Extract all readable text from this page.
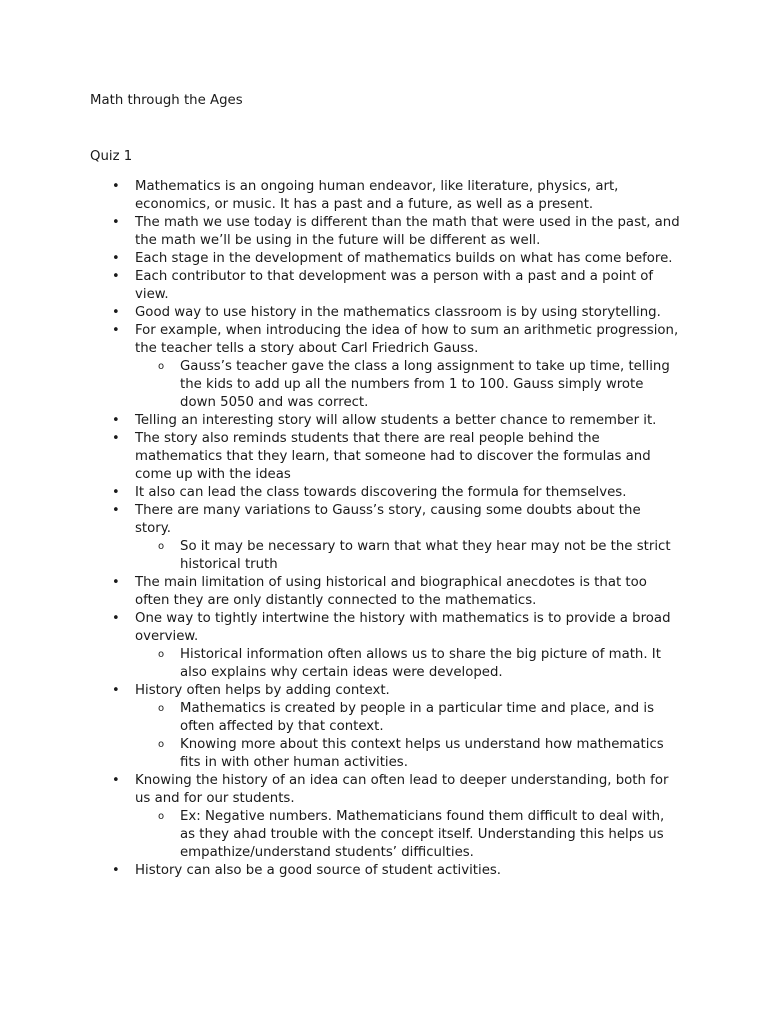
Math through the Ages

Quiz 1

• Mathematics is an ongoing human endeavor, like literature, physics, art, economics, or music. It has a past and a future, as well as a present.
• The math we use today is different than the math that were used in the past, and the math we’ll be using in the future will be different as well.
• Each stage in the development of mathematics builds on what has come before.
• Each contributor to that development was a person with a past and a point of view.
• Good way to use history in the mathematics classroom is by using storytelling.
• For example, when introducing the idea of how to sum an arithmetic progression, the teacher tells a story about Carl Friedrich Gauss.
o Gauss’s teacher gave the class a long assignment to take up time, telling the kids to add up all the numbers from 1 to 100. Gauss simply wrote down 5050 and was correct.
• Telling an interesting story will allow students a better chance to remember it.
• The story also reminds students that there are real people behind the mathematics that they learn, that someone had to discover the formulas and come up with the ideas
• It also can lead the class towards discovering the formula for themselves.
• There are many variations to Gauss’s story, causing some doubts about the story.
o So it may be necessary to warn that what they hear may not be the strict historical truth
• The main limitation of using historical and biographical anecdotes is that too often they are only distantly connected to the mathematics.
• One way to tightly intertwine the history with mathematics is to provide a broad overview.
o Historical information often allows us to share the big picture of math. It also explains why certain ideas were developed.
• History often helps by adding context.
o Mathematics is created by people in a particular time and place, and is often affected by that context.
o Knowing more about this context helps us understand how mathematics fits in with other human activities.
• Knowing the history of an idea can often lead to deeper understanding, both for us and for our students.
o Ex: Negative numbers. Mathematicians found them difficult to deal with, as they ahad trouble with the concept itself. Understanding this helps us empathize/understand students’ difficulties.
• History can also be a good source of student activities.
